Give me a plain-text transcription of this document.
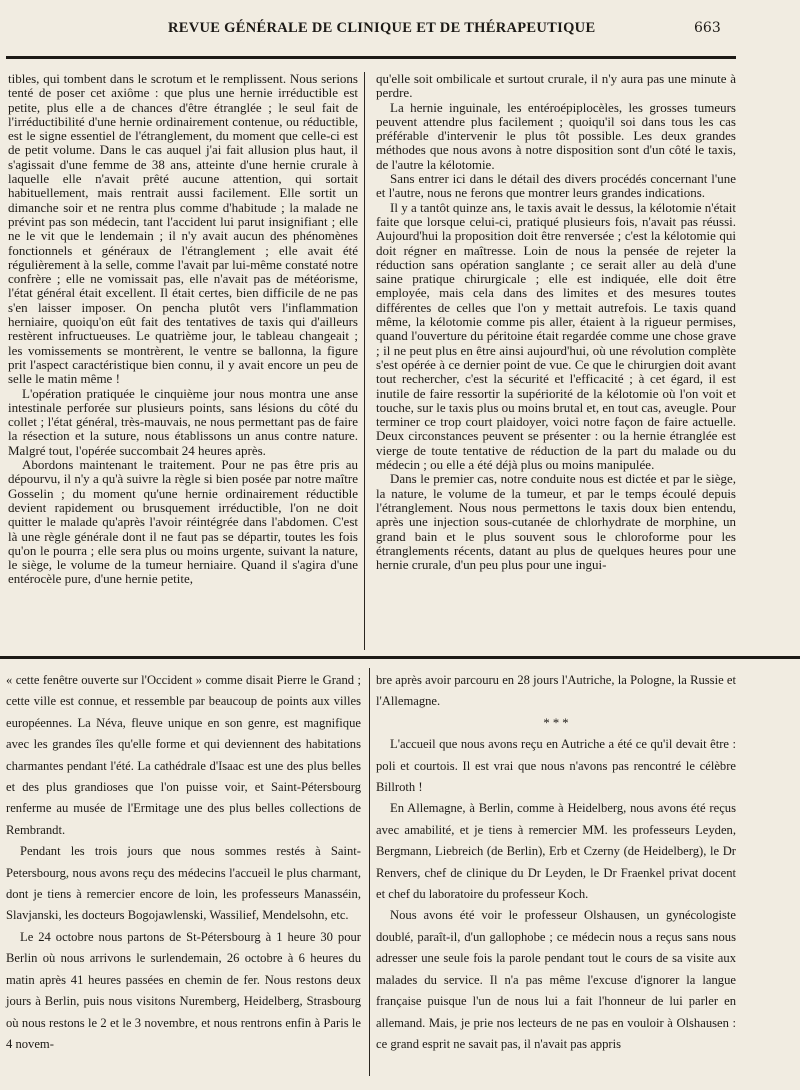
REVUE GÉNÉRALE DE CLINIQUE ET DE THÉRAPEUTIQUE	663

tibles, qui tombent dans le scrotum et le remplissent. Nous serions tenté de poser cet axiôme : que plus une hernie irréductible est petite, plus elle a de chances d'être étranglée ; le seul fait de l'irréductibilité d'une hernie ordinairement contenue, ou réductible, est le signe essentiel de l'étranglement, du moment que celle-ci est de petit volume. Dans le cas auquel j'ai fait allusion plus haut, il s'agissait d'une femme de 38 ans, atteinte d'une hernie crurale à laquelle elle n'avait prêté aucune attention, qui sortait habituellement, mais rentrait aussi facilement. Elle sortit un dimanche soir et ne rentra plus comme d'habitude ; la malade ne prévint pas son médecin, tant l'accident lui parut insignifiant ; elle ne le vit que le lendemain ; il n'y avait aucun des phénomènes fonctionnels et généraux de l'étranglement ; elle avait été régulièrement à la selle, comme l'avait par lui-même constaté notre confrère ; elle ne vomissait pas, elle n'avait pas de météorisme, l'état général était excellent. Il était certes, bien difficile de ne pas s'en laisser imposer. On pencha plutôt vers l'inflammation herniaire, quoiqu'on eût fait des tentatives de taxis qui d'ailleurs restèrent infructueuses. Le quatrième jour, le tableau changeait ; les vomissements se montrèrent, le ventre se ballonna, la figure prit l'aspect caractéristique bien connu, il y avait encore un peu de selle le matin même !

L'opération pratiquée le cinquième jour nous montra une anse intestinale perforée sur plusieurs points, sans lésions du côté du collet ; l'état général, très-mauvais, ne nous permettant pas de faire la résection et la suture, nous établissons un anus contre nature. Malgré tout, l'opérée succombait 24 heures après.

Abordons maintenant le traitement. Pour ne pas être pris au dépourvu, il n'y a qu'à suivre la règle si bien posée par notre maître Gosselin ; du moment qu'une hernie ordinairement réductible devient rapidement ou brusquement irréductible, l'on ne doit quitter le malade qu'après l'avoir réintégrée dans l'abdomen. C'est là une règle générale dont il ne faut pas se départir, toutes les fois qu'on le pourra ; elle sera plus ou moins urgente, suivant la nature, le siège, le volume de la tumeur herniaire. Quand il s'agira d'une entérocèle pure, d'une hernie petite,

qu'elle soit ombilicale et surtout crurale, il n'y aura pas une minute à perdre.

La hernie inguinale, les entéroépiplocèles, les grosses tumeurs peuvent attendre plus facilement ; quoiqu'il soi dans tous les cas préférable d'intervenir le plus tôt possible. Les deux grandes méthodes que nous avons à notre disposition sont d'un côté le taxis, de l'autre la kélotomie.

Sans entrer ici dans le détail des divers procédés concernant l'une et l'autre, nous ne ferons que montrer leurs grandes indications.

Il y a tantôt quinze ans, le taxis avait le dessus, la kélotomie n'était faite que lorsque celui-ci, pratiqué plusieurs fois, n'avait pas réussi. Aujourd'hui la proposition doit être renversée ; c'est la kélotomie qui doit régner en maîtresse. Loin de nous la pensée de rejeter la réduction sans opération sanglante ; ce serait aller au delà d'une saine pratique chirurgicale ; elle est indiquée, elle doit être employée, mais cela dans des limites et des mesures toutes différentes de celles que l'on y mettait autrefois. Le taxis quand même, la kélotomie comme pis aller, étaient à la rigueur permises, quand l'ouverture du péritoine était regardée comme une chose grave ; il ne peut plus en être ainsi aujourd'hui, où une révolution complète s'est opérée à ce dernier point de vue. Ce que le chirurgien doit avant tout rechercher, c'est la sécurité et l'efficacité ; à cet égard, il est inutile de faire ressortir la supériorité de la kélotomie où l'on voit et touche, sur le taxis plus ou moins brutal et, en tout cas, aveugle. Pour terminer ce trop court plaidoyer, voici notre façon de faire actuelle. Deux circonstances peuvent se présenter : ou la hernie étranglée est vierge de toute tentative de réduction de la part du malade ou du médecin ; ou elle a été déjà plus ou moins manipulée.

Dans le premier cas, notre conduite nous est dictée et par le siège, la nature, le volume de la tumeur, et par le temps écoulé depuis l'étranglement. Nous nous permettons le taxis doux bien entendu, après une injection sous-cutanée de chlorhydrate de morphine, un grand bain et le plus souvent sous le chloroforme pour les étranglements récents, datant au plus de quelques heures pour une hernie crurale, d'un peu plus pour une ingui-

« cette fenêtre ouverte sur l'Occident » comme disait Pierre le Grand ; cette ville est connue, et ressemble par beaucoup de points aux villes européennes. La Néva, fleuve unique en son genre, est magnifique avec les grandes îles qu'elle forme et qui deviennent des habitations charmantes pendant l'été. La cathédrale d'Isaac est une des plus belles et des plus grandioses que l'on puisse voir, et Saint-Pétersbourg renferme au musée de l'Ermitage une des plus belles collections de Rembrandt.

Pendant les trois jours que nous sommes restés à Saint-Petersbourg, nous avons reçu des médecins l'accueil le plus charmant, dont je tiens à remercier encore de loin, les professeurs Manasséin, Slavjanski, les docteurs Bogojawlenski, Wassilief, Mendelsohn, etc.

Le 24 octobre nous partons de St-Pétersbourg à 1 heure 30 pour Berlin où nous arrivons le surlendemain, 26 octobre à 6 heures du matin après 41 heures passées en chemin de fer. Nous restons deux jours à Berlin, puis nous visitons Nuremberg, Heidelberg, Strasbourg où nous restons le 2 et le 3 novembre, et nous rentrons enfin à Paris le 4 novem-

bre après avoir parcouru en 28 jours l'Autriche, la Pologne, la Russie et l'Allemagne.

* * *

L'accueil que nous avons reçu en Autriche a été ce qu'il devait être : poli et courtois. Il est vrai que nous n'avons pas rencontré le célèbre Billroth !

En Allemagne, à Berlin, comme à Heidelberg, nous avons été reçus avec amabilité, et je tiens à remercier MM. les professeurs Leyden, Bergmann, Liebreich (de Berlin), Erb et Czerny (de Heidelberg), le Dr Renvers, chef de clinique du Dr Leyden, le Dr Fraenkel privat docent et chef du laboratoire du professeur Koch.

Nous avons été voir le professeur Olshausen, un gynécologiste doublé, paraît-il, d'un gallophobe ; ce médecin nous a reçus sans nous adresser une seule fois la parole pendant tout le cours de sa visite aux malades du service. Il n'a pas même l'excuse d'ignorer la langue française puisque l'un de nous lui a fait l'honneur de lui parler en allemand. Mais, je prie nos lecteurs de ne pas en vouloir à Olshausen : ce grand esprit ne savait pas, il n'avait pas appris
